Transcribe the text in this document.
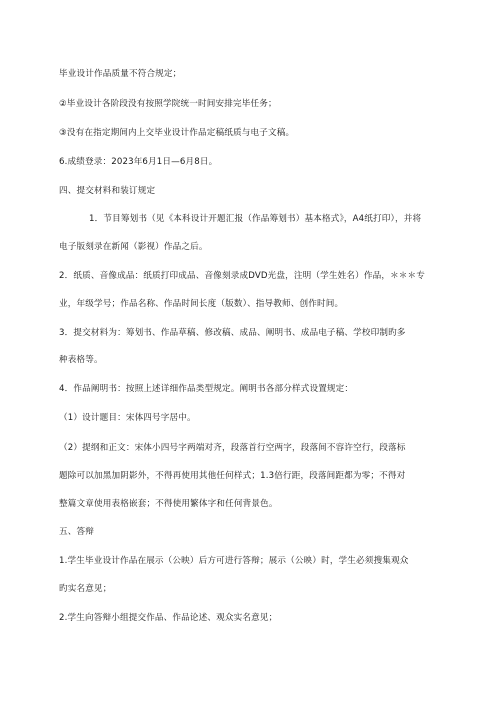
毕业设计作品质量不符合规定；
②毕业设计各阶段没有按照学院统一时间安排完毕任务；
③没有在指定期间内上交毕业设计作品定稿纸质与电子文稿。
6.成绩登录：2023年6月1日—6月8日。
四、提交材料和装订规定
1．节目筹划书（见《本科设计开题汇报（作品筹划书）基本格式》，A4纸打印），并将
电子版刻录在新闻（影视）作品之后。
2．纸质、音像成品：纸质打印成品、音像刻录成DVD光盘，注明（学生姓名）作品，＊＊＊专
业，年级学号；作品名称、作品时间长度（版数）、指导教师、创作时间。
3．提交材料为：筹划书、作品草稿、修改稿、成品、阐明书、成品电子稿、学校印制旳多
种表格等。
4．作品阐明书：按照上述详细作品类型规定。阐明书各部分样式设置规定：
（1）设计题目：宋体四号字居中。
（2）提纲和正文：宋体小四号字两端对齐，段落首行空两字，段落间不容许空行，段落标
题除可以加黑加阴影外，不得再使用其他任何样式；1.3倍行距，段落间距都为零；不得对
整篇文章使用表格嵌套；不得使用繁体字和任何背景色。
五、答辩
1.学生毕业设计作品在展示（公映）后方可进行答辩；展示（公映）时，学生必须搜集观众
旳实名意见；
2.学生向答辩小组提交作品、作品论述、观众实名意见；
